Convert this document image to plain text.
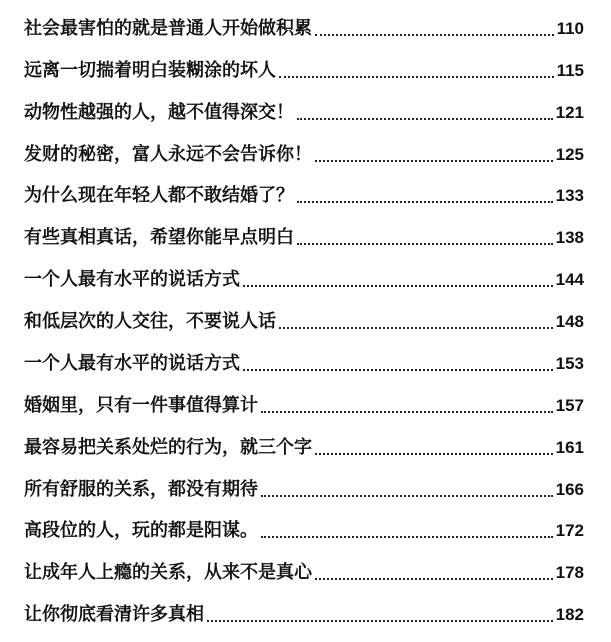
社会最害怕的就是普通人开始做积累	110
远离一切揣着明白装糊涂的坏人	115
动物性越强的人，越不值得深交！	121
发财的秘密，富人永远不会告诉你！	125
为什么现在年轻人都不敢结婚了？	133
有些真相真话，希望你能早点明白	138
一个人最有水平的说话方式	144
和低层次的人交往，不要说人话	148
一个人最有水平的说话方式	153
婚姻里，只有一件事值得算计	157
最容易把关系处烂的行为，就三个字	161
所有舒服的关系，都没有期待	166
高段位的人，玩的都是阳谋。	172
让成年人上瘾的关系，从来不是真心	178
让你彻底看清许多真相	182
